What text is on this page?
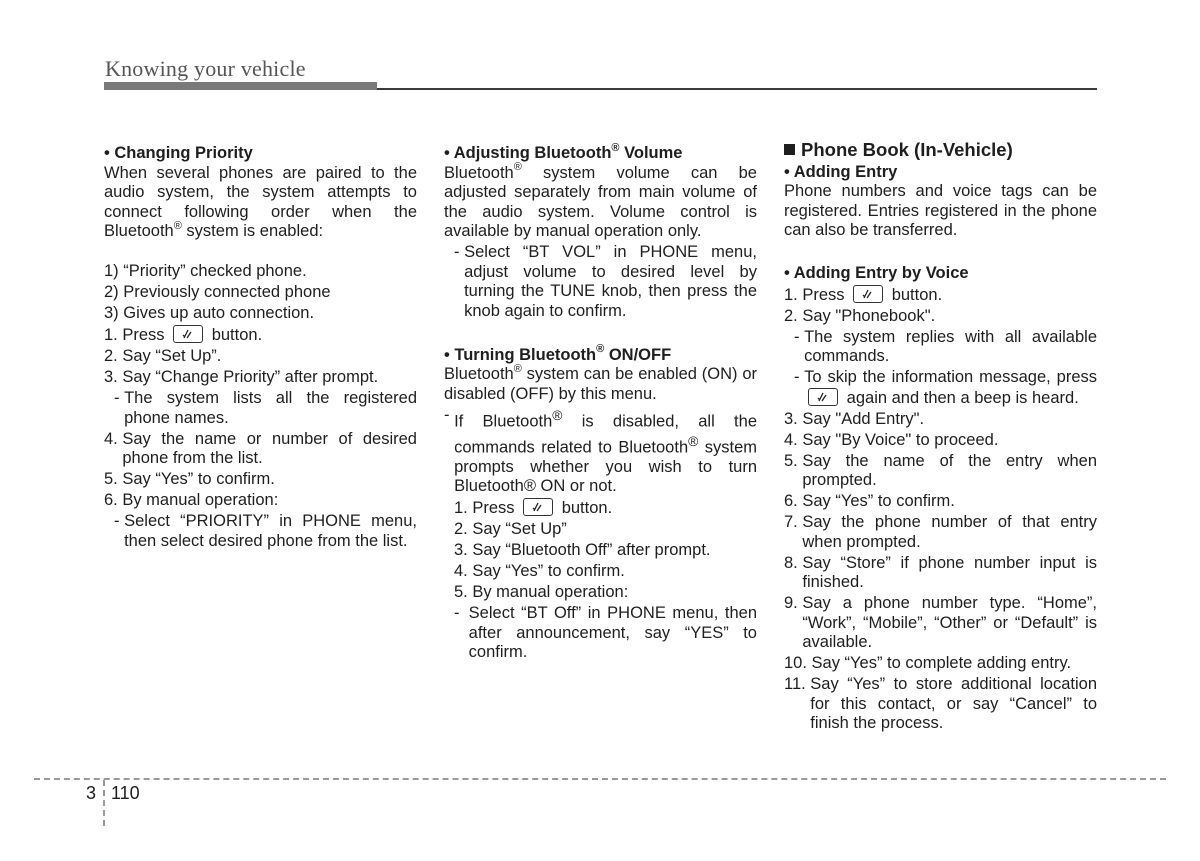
Knowing your vehicle
• Changing Priority
When several phones are paired to the audio system, the system attempts to connect following order when the Bluetooth® system is enabled:
1) “Priority” checked phone.
2) Previously connected phone
3) Gives up auto connection.
1. Press
button.
2. Say “Set Up”.
3. Say “Change Priority” after prompt.
- The system lists all the registered phone names.
4. Say the name or number of desired phone from the list.
5. Say “Yes” to confirm.
6. By manual operation:
- Select “PRIORITY” in PHONE menu, then select desired phone from the list.
• Adjusting Bluetooth® Volume
Bluetooth® system volume can be adjusted separately from main volume of the audio system. Volume control is available by manual operation only.
- Select “BT VOL” in PHONE menu, adjust volume to desired level by turning the TUNE knob, then press the knob again to confirm.
• Turning Bluetooth® ON/OFF
Bluetooth® system can be enabled (ON) or disabled (OFF) by this menu.
- If Bluetooth® is disabled, all the commands related to Bluetooth® system prompts whether you wish to turn Bluetooth® ON or not.
1. Press
button.
2. Say “Set Up”
3. Say “Bluetooth Off” after prompt.
4. Say “Yes” to confirm.
5. By manual operation:
- Select “BT Off” in PHONE menu, then after announcement, say “YES” to confirm.
Phone Book (In-Vehicle)
• Adding Entry
Phone numbers and voice tags can be registered. Entries registered in the phone can also be transferred.
• Adding Entry by Voice
1. Press
button.
2. Say "Phonebook".
- The system replies with all available commands.
- To skip the information message, press
again and then a beep is heard.
3. Say "Add Entry".
4. Say "By Voice" to proceed.
5. Say the name of the entry when prompted.
6. Say “Yes” to confirm.
7. Say the phone number of that entry when prompted.
8. Say “Store” if phone number input is finished.
9. Say a phone number type. “Home”, “Work”, “Mobile”, “Other” or “Default” is available.
10. Say “Yes” to complete adding entry.
11. Say “Yes” to store additional location for this contact, or say “Cancel” to finish the process.
3 110
